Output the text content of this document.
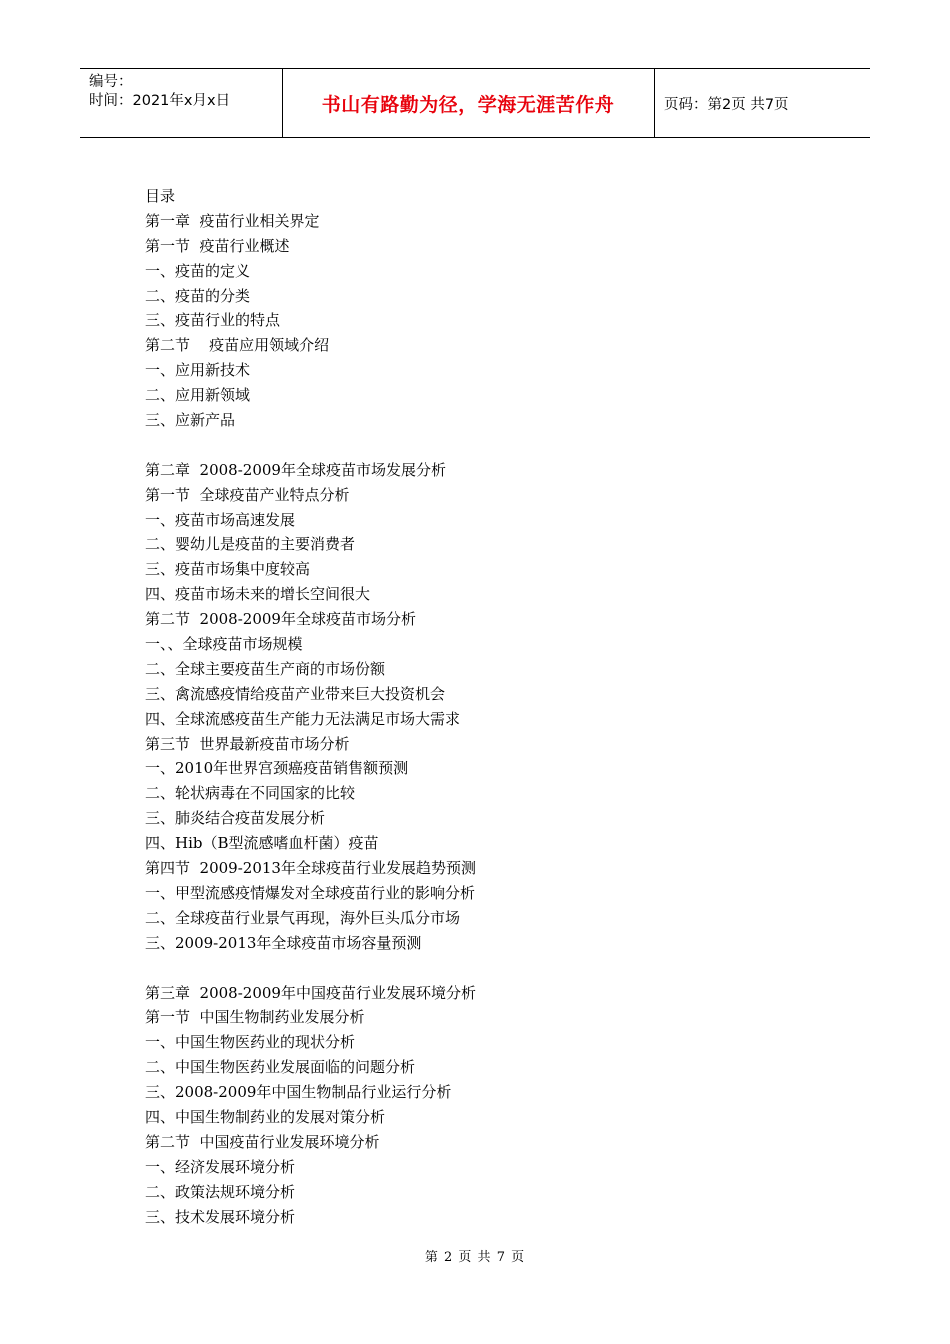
编号：
时间：2021年x月x日	书山有路勤为径，学海无涯苦作舟	页码：第2页 共7页
目录
第一章  疫苗行业相关界定
第一节  疫苗行业概述
一、疫苗的定义
二、疫苗的分类
三、疫苗行业的特点
第二节    疫苗应用领域介绍
一、应用新技术
二、应用新领域
三、应新产品
第二章  2008-2009年全球疫苗市场发展分析
第一节  全球疫苗产业特点分析
一、疫苗市场高速发展
二、婴幼儿是疫苗的主要消费者
三、疫苗市场集中度较高
四、疫苗市场未来的增长空间很大
第二节  2008-2009年全球疫苗市场分析
一、、全球疫苗市场规模
二、全球主要疫苗生产商的市场份额
三、禽流感疫情给疫苗产业带来巨大投资机会
四、全球流感疫苗生产能力无法满足市场大需求
第三节  世界最新疫苗市场分析
一、2010年世界宫颈癌疫苗销售额预测
二、轮状病毒在不同国家的比较
三、肺炎结合疫苗发展分析
四、Hib（B型流感嗜血杆菌）疫苗
第四节  2009-2013年全球疫苗行业发展趋势预测
一、甲型流感疫情爆发对全球疫苗行业的影响分析
二、全球疫苗行业景气再现，海外巨头瓜分市场
三、2009-2013年全球疫苗市场容量预测
第三章  2008-2009年中国疫苗行业发展环境分析
第一节  中国生物制药业发展分析
一、中国生物医药业的现状分析
二、中国生物医药业发展面临的问题分析
三、2008-2009年中国生物制品行业运行分析
四、中国生物制药业的发展对策分析
第二节  中国疫苗行业发展环境分析
一、经济发展环境分析
二、政策法规环境分析
三、技术发展环境分析
第 2 页 共 7 页
